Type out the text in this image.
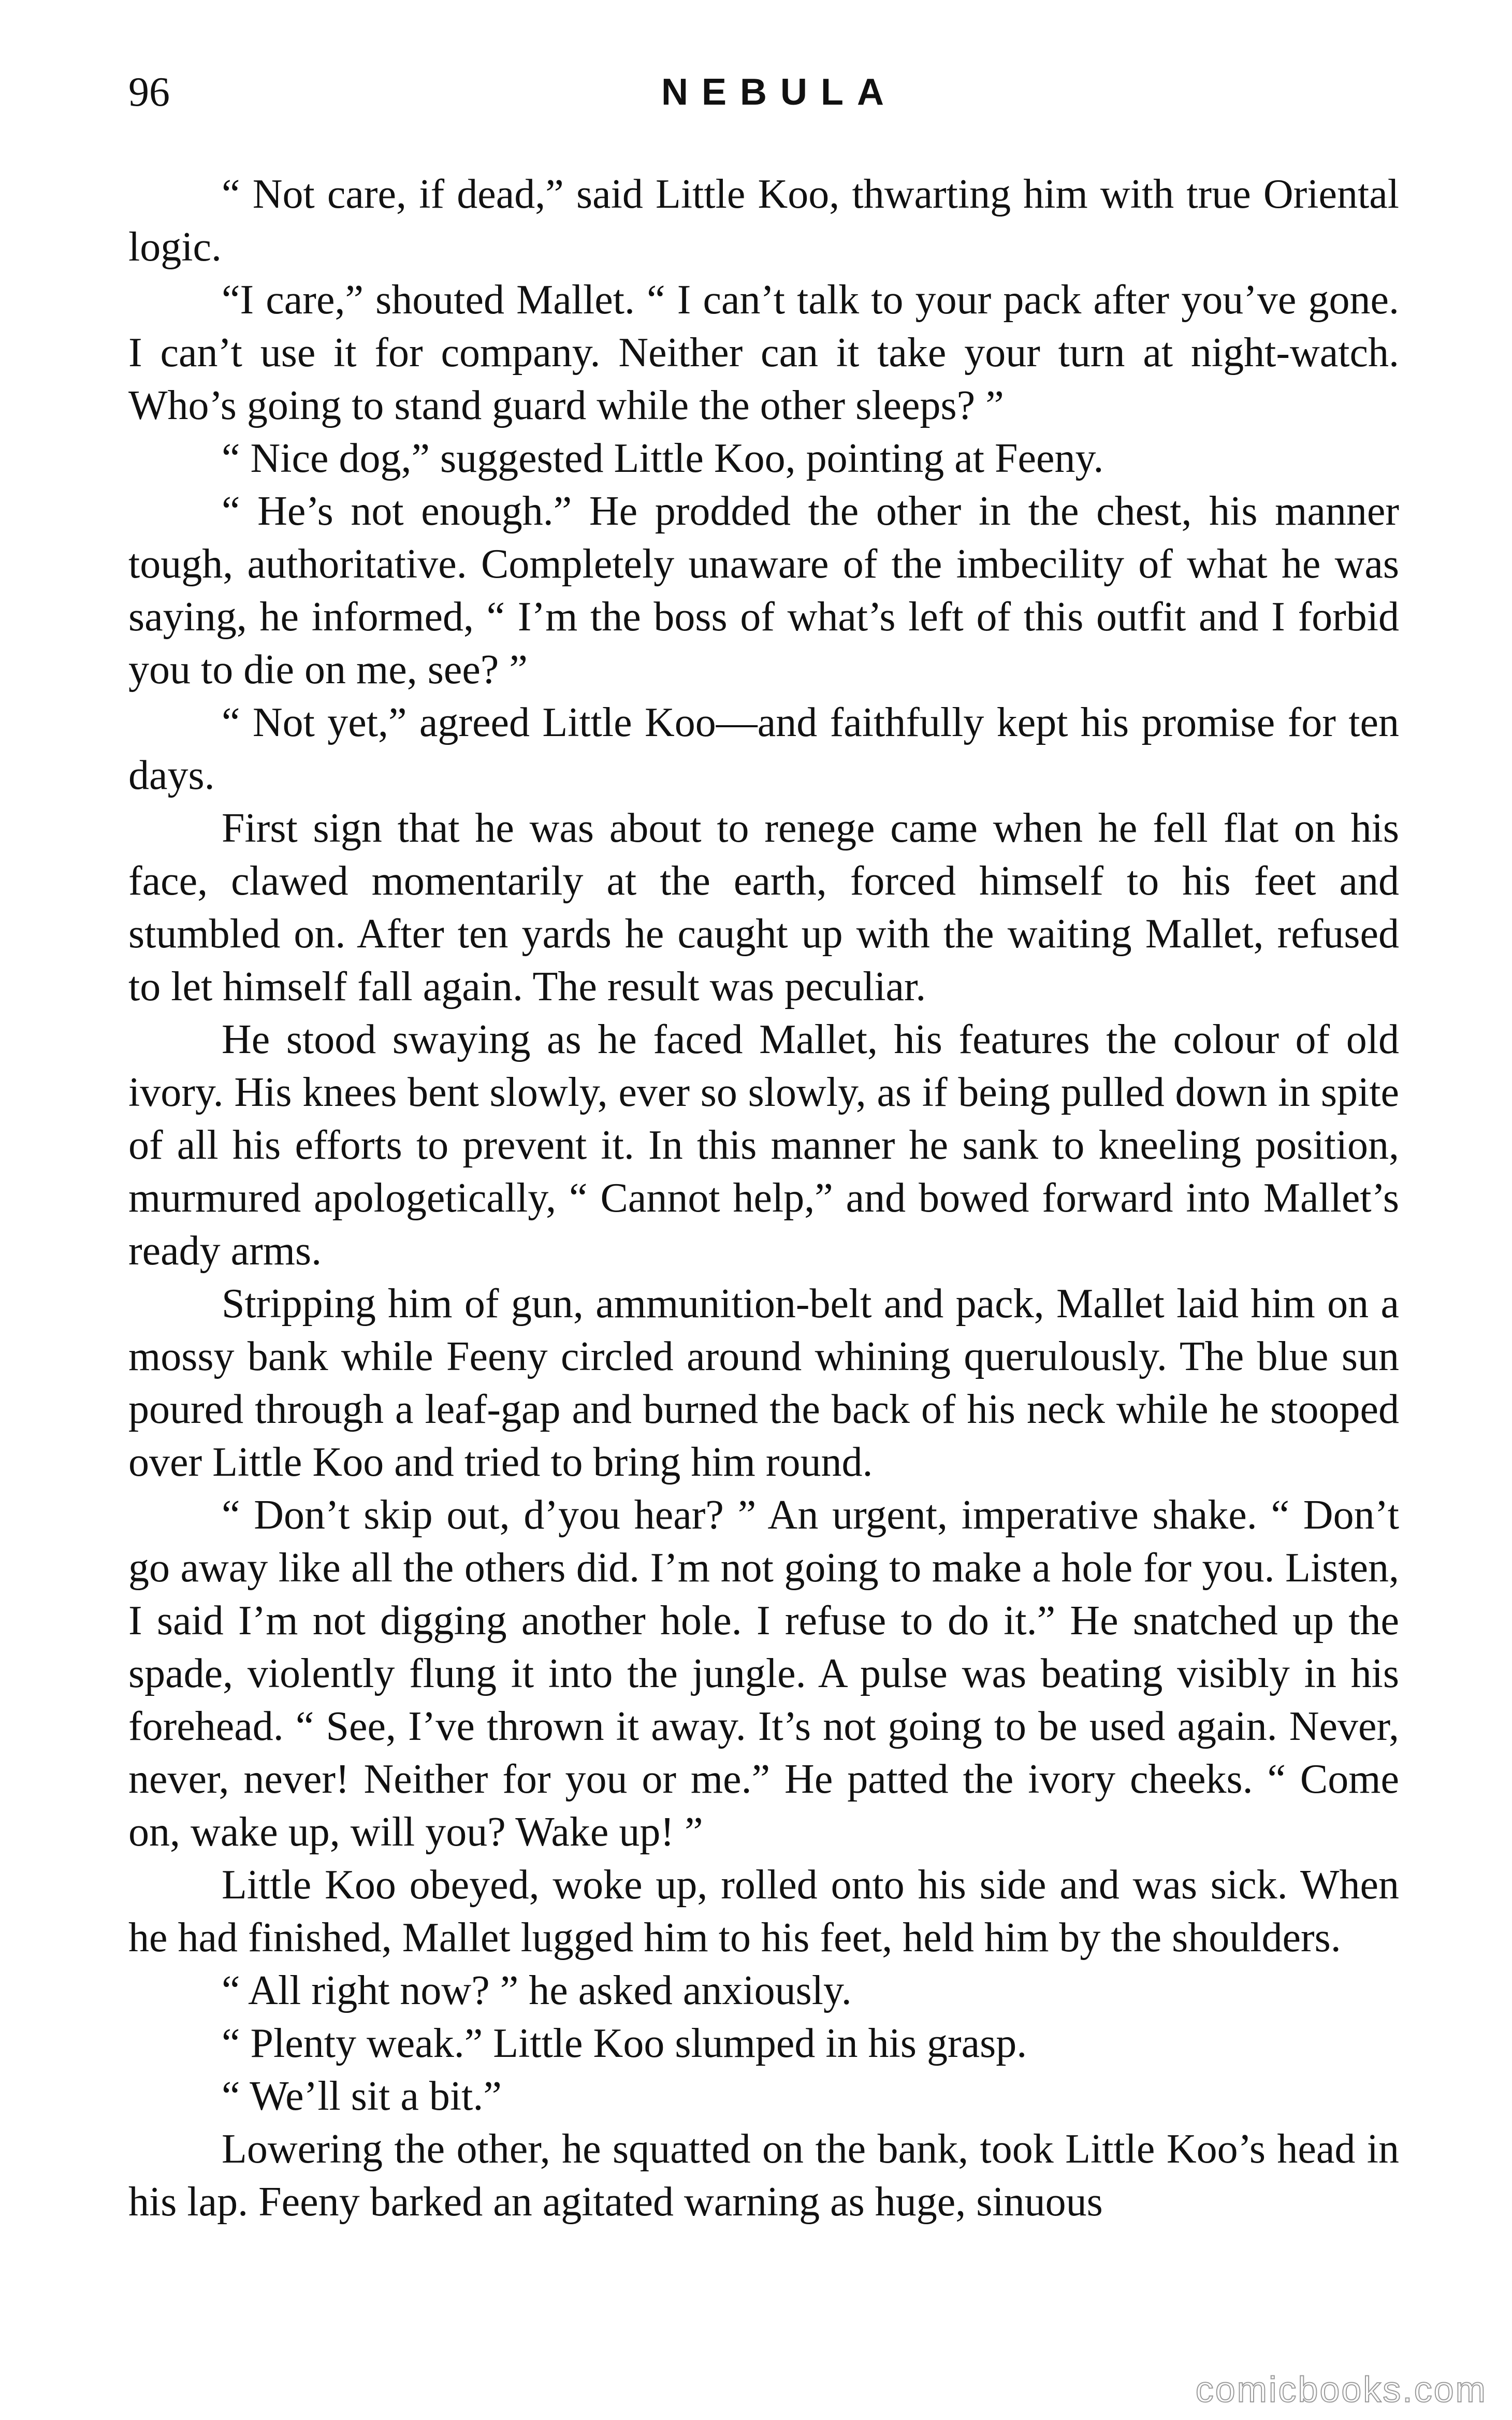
96	NEBULA

“ Not care, if dead,” said Little Koo, thwarting him with true Oriental logic.

“I care,” shouted Mallet. “ I can’t talk to your pack after you’ve gone. I can’t use it for company. Neither can it take your turn at night-watch. Who’s going to stand guard while the other sleeps? ”

“ Nice dog,” suggested Little Koo, pointing at Feeny.

“ He’s not enough.” He prodded the other in the chest, his manner tough, authoritative. Completely unaware of the imbecility of what he was saying, he informed, “ I’m the boss of what’s left of this outfit and I forbid you to die on me, see? ”

“ Not yet,” agreed Little Koo—and faithfully kept his promise for ten days.

First sign that he was about to renege came when he fell flat on his face, clawed momentarily at the earth, forced himself to his feet and stumbled on. After ten yards he caught up with the waiting Mallet, refused to let himself fall again. The result was peculiar.

He stood swaying as he faced Mallet, his features the colour of old ivory. His knees bent slowly, ever so slowly, as if being pulled down in spite of all his efforts to prevent it. In this manner he sank to kneeling position, murmured apologetically, “ Cannot help,” and bowed forward into Mallet’s ready arms.

Stripping him of gun, ammunition-belt and pack, Mallet laid him on a mossy bank while Feeny circled around whining querulously. The blue sun poured through a leaf-gap and burned the back of his neck while he stooped over Little Koo and tried to bring him round.

“ Don’t skip out, d’you hear? ” An urgent, imperative shake. “ Don’t go away like all the others did. I’m not going to make a hole for you. Listen, I said I’m not digging another hole. I refuse to do it.” He snatched up the spade, violently flung it into the jungle. A pulse was beating visibly in his forehead. “ See, I’ve thrown it away. It’s not going to be used again. Never, never, never! Neither for you or me.” He patted the ivory cheeks. “ Come on, wake up, will you? Wake up! ”

Little Koo obeyed, woke up, rolled onto his side and was sick. When he had finished, Mallet lugged him to his feet, held him by the shoulders.

“ All right now? ” he asked anxiously.

“ Plenty weak.” Little Koo slumped in his grasp.

“ We’ll sit a bit.”

Lowering the other, he squatted on the bank, took Little Koo’s head in his lap. Feeny barked an agitated warning as huge, sinuous

comicbooks.com
